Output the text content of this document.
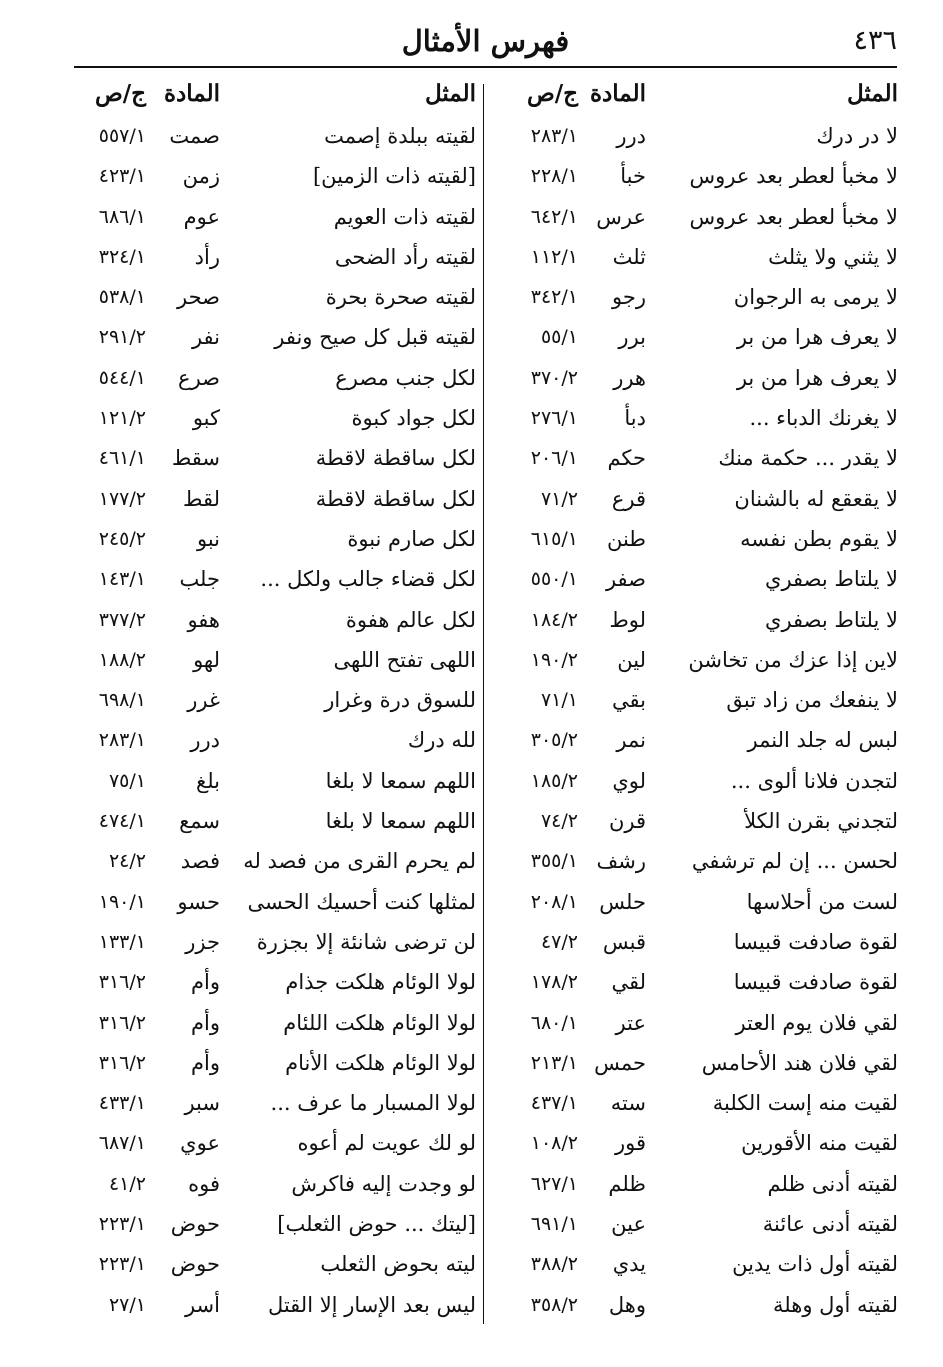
فهرس الأمثال	٤٣٦
المثل
المادة
ج/ص
لا در درك
درر
٢٨٣/١
لا مخبأ لعطر بعد عروس
خبأ
٢٢٨/١
لا مخبأ لعطر بعد عروس
عرس
٦٤٢/١
لا يثني ولا يثلث
ثلث
١١٢/١
لا يرمى به الرجوان
رجو
٣٤٢/١
لا يعرف هرا من بر
برر
٥٥/١
لا يعرف هرا من بر
هرر
٣٧٠/٢
لا يغرنك الدباء ...
دبأ
٢٧٦/١
لا يقدر ... حكمة منك
حكم
٢٠٦/١
لا يقعقع له بالشنان
قرع
٧١/٢
لا يقوم بطن نفسه
طنن
٦١٥/١
لا يلتاط بصفري
صفر
٥٥٠/١
لا يلتاط بصفري
لوط
١٨٤/٢
لاين إذا عزك من تخاشن
لين
١٩٠/٢
لا ينفعك من زاد تبق
بقي
٧١/١
لبس له جلد النمر
نمر
٣٠٥/٢
لتجدن فلانا ألوى ...
لوي
١٨٥/٢
لتجدني بقرن الكلأ
قرن
٧٤/٢
لحسن ... إن لم ترشفي
رشف
٣٥٥/١
لست من أحلاسها
حلس
٢٠٨/١
لقوة صادفت قبيسا
قبس
٤٧/٢
لقوة صادفت قبيسا
لقي
١٧٨/٢
لقي فلان يوم العتر
عتر
٦٨٠/١
لقي فلان هند الأحامس
حمس
٢١٣/١
لقيت منه إست الكلبة
سته
٤٣٧/١
لقيت منه الأقورين
قور
١٠٨/٢
لقيته أدنى ظلم
ظلم
٦٢٧/١
لقيته أدنى عائنة
عين
٦٩١/١
لقيته أول ذات يدين
يدي
٣٨٨/٢
لقيته أول وهلة
وهل
٣٥٨/٢
المثل
المادة
ج/ص
لقيته ببلدة إصمت
صمت
٥٥٧/١
[لقيته ذات الزمين]
زمن
٤٢٣/١
لقيته ذات العويم
عوم
٦٨٦/١
لقيته رأد الضحى
رأد
٣٢٤/١
لقيته صحرة بحرة
صحر
٥٣٨/١
لقيته قبل كل صيح ونفر
نفر
٢٩١/٢
لكل جنب مصرع
صرع
٥٤٤/١
لكل جواد كبوة
كبو
١٢١/٢
لكل ساقطة لاقطة
سقط
٤٦١/١
لكل ساقطة لاقطة
لقط
١٧٧/٢
لكل صارم نبوة
نبو
٢٤٥/٢
لكل قضاء جالب ولكل ...
جلب
١٤٣/١
لكل عالم هفوة
هفو
٣٧٧/٢
اللهى تفتح اللهى
لهو
١٨٨/٢
للسوق درة وغرار
غرر
٦٩٨/١
لله درك
درر
٢٨٣/١
اللهم سمعا لا بلغا
بلغ
٧٥/١
اللهم سمعا لا بلغا
سمع
٤٧٤/١
لم يحرم القرى من فصد له
فصد
٢٤/٢
لمثلها كنت أحسيك الحسى
حسو
١٩٠/١
لن ترضى شانئة إلا بجزرة
جزر
١٣٣/١
لولا الوئام هلكت جذام
وأم
٣١٦/٢
لولا الوئام هلكت اللئام
وأم
٣١٦/٢
لولا الوئام هلكت الأنام
وأم
٣١٦/٢
لولا المسبار ما عرف ...
سبر
٤٣٣/١
لو لك عويت لم أعوه
عوي
٦٨٧/١
لو وجدت إليه فاكرش
فوه
٤١/٢
[ليتك ... حوض الثعلب]
حوض
٢٢٣/١
ليته بحوض الثعلب
حوض
٢٢٣/١
ليس بعد الإسار إلا القتل
أسر
٢٧/١
